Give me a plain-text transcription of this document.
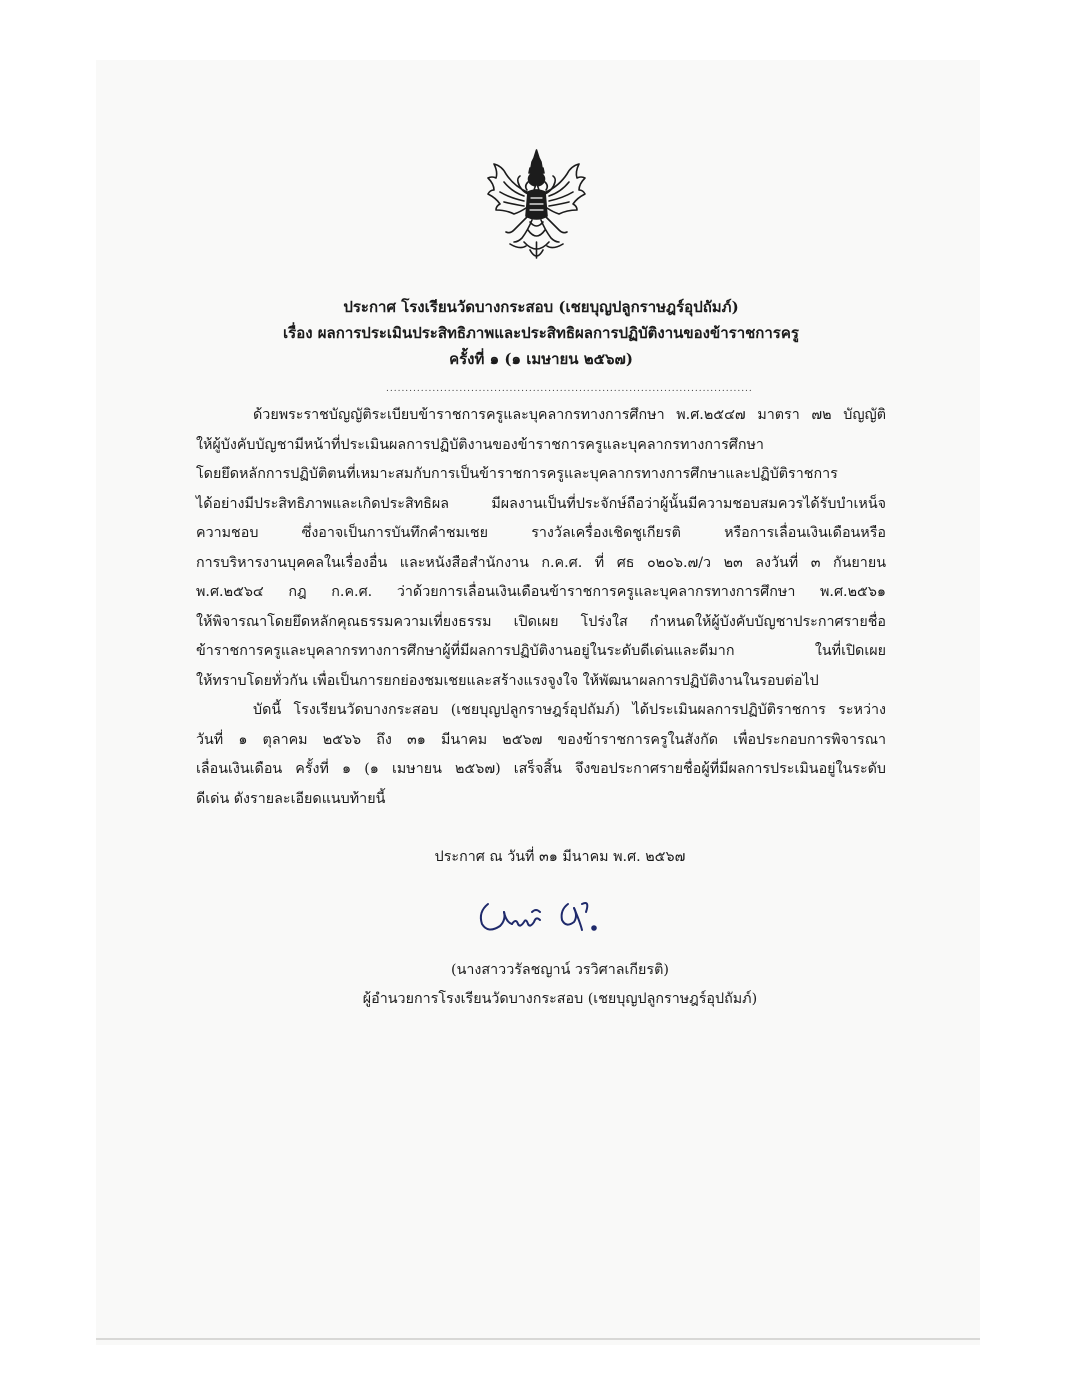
ประกาศ โรงเรียนวัดบางกระสอบ (เชยบุญปลูกราษฎร์อุปถัมภ์)
เรื่อง ผลการประเมินประสิทธิภาพและประสิทธิผลการปฏิบัติงานของข้าราชการครู
ครั้งที่ ๑ (๑ เมษายน ๒๕๖๗)
...............................................................................................
ด้วยพระราชบัญญัติระเบียบข้าราชการครูและบุคลากรทางการศึกษา พ.ศ.๒๕๔๗ มาตรา ๗๒ บัญญัติ
ให้ผู้บังคับบัญชามีหน้าที่ประเมินผลการปฏิบัติงานของข้าราชการครูและบุคลากรทางการศึกษา
โดยยึดหลักการปฏิบัติตนที่เหมาะสมกับการเป็นข้าราชการครูและบุคลากรทางการศึกษาและปฏิบัติราชการ
ได้อย่างมีประสิทธิภาพและเกิดประสิทธิผล มีผลงานเป็นที่ประจักษ์ถือว่าผู้นั้นมีความชอบสมควรได้รับบำเหน็จ
ความชอบ ซึ่งอาจเป็นการบันทึกคำชมเชย รางวัลเครื่องเชิดชูเกียรติ หรือการเลื่อนเงินเดือนหรือ
การบริหารงานบุคคลในเรื่องอื่น และหนังสือสำนักงาน ก.ค.ศ. ที่ ศธ ๐๒๐๖.๗/ว ๒๓ ลงวันที่ ๓ กันยายน
พ.ศ.๒๕๖๔ กฎ ก.ค.ศ. ว่าด้วยการเลื่อนเงินเดือนข้าราชการครูและบุคลากรทางการศึกษา พ.ศ.๒๕๖๑
ให้พิจารณาโดยยึดหลักคุณธรรมความเที่ยงธรรม เปิดเผย โปร่งใส กำหนดให้ผู้บังคับบัญชาประกาศรายชื่อ
ข้าราชการครูและบุคลากรทางการศึกษาผู้ที่มีผลการปฏิบัติงานอยู่ในระดับดีเด่นและดีมาก ในที่เปิดเผย
ให้ทราบโดยทั่วกัน เพื่อเป็นการยกย่องชมเชยและสร้างแรงจูงใจ ให้พัฒนาผลการปฏิบัติงานในรอบต่อไป
บัดนี้ โรงเรียนวัดบางกระสอบ (เชยบุญปลูกราษฎร์อุปถัมภ์) ได้ประเมินผลการปฏิบัติราชการ ระหว่าง
วันที่ ๑ ตุลาคม ๒๕๖๖ ถึง ๓๑ มีนาคม ๒๕๖๗ ของข้าราชการครูในสังกัด เพื่อประกอบการพิจารณา
เลื่อนเงินเดือน ครั้งที่ ๑ (๑ เมษายน ๒๕๖๗) เสร็จสิ้น จึงขอประกาศรายชื่อผู้ที่มีผลการประเมินอยู่ในระดับ
ดีเด่น ดังรายละเอียดแนบท้ายนี้
ประกาศ ณ วันที่ ๓๑ มีนาคม พ.ศ. ๒๕๖๗
(นางสาววรัลชญาน์ วรวิศาลเกียรติ)
ผู้อำนวยการโรงเรียนวัดบางกระสอบ (เชยบุญปลูกราษฎร์อุปถัมภ์)
